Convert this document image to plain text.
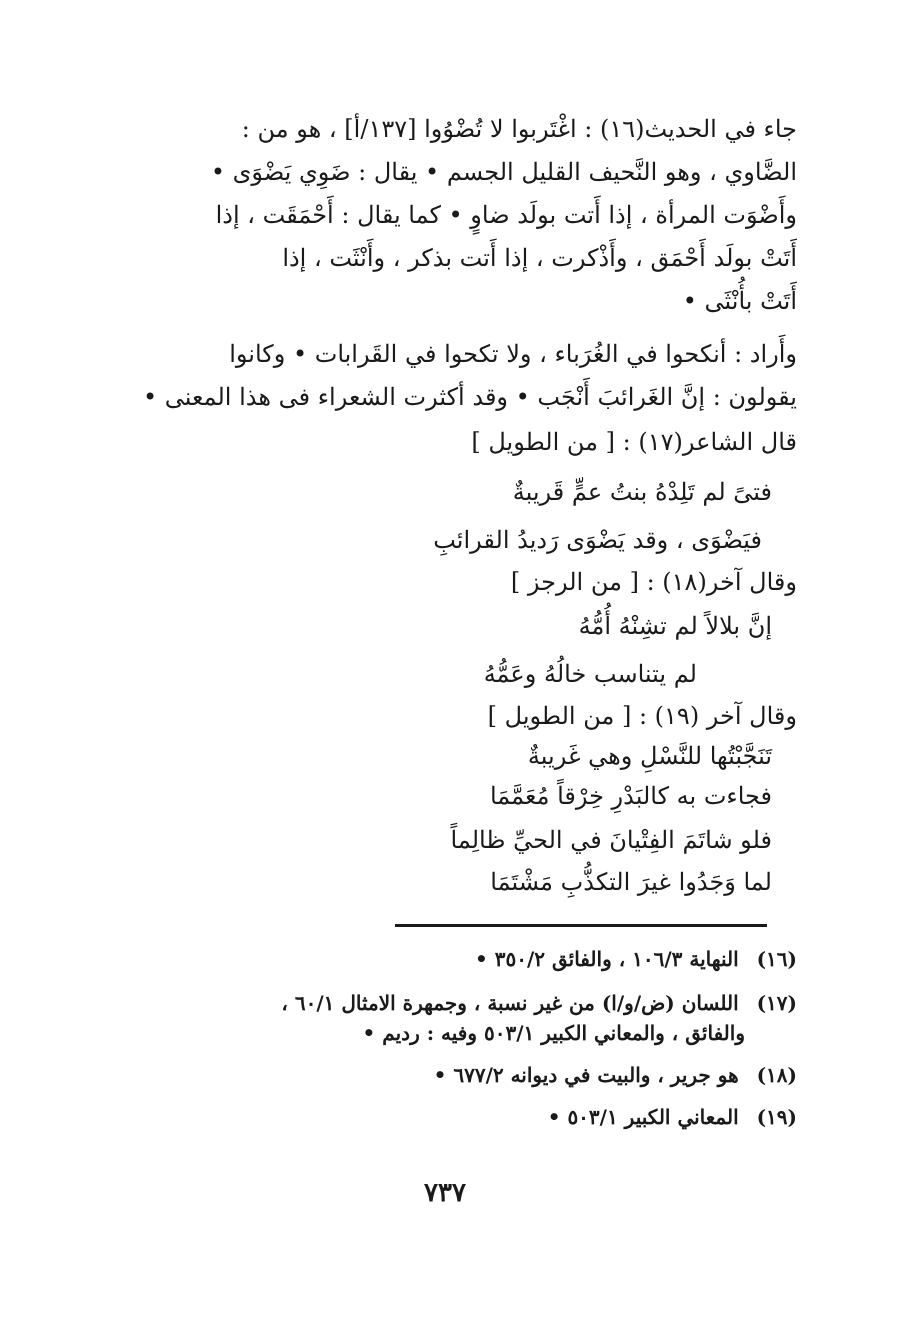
جاء في الحديث(١٦) : اغْتَربوا لا تُضْوُوا [١٣٧/أ] ، هو من :
الضَّاوي ، وهو النَّحيف القليل الجسم • يقال : ضَوِي يَضْوَى •
وأَضْوَت المرأة ، إذا أَتت بولَد ضاوٍ • كما يقال : أَحْمَقَت ، إذا
أَتَتْ بولَد أَحْمَق ، وأَذْكرت ، إذا أَتت بذكر ، وأَنْثَت ، إذا
أَتَتْ بأُنْثَى •
وأَراد : أنكحوا في الغُرَباء ، ولا تكحوا في القَرابات • وكانوا
يقولون : إنَّ الغَرائبَ أَنْجَب • وقد أكثرت الشعراء فى هذا المعنى •
قال الشاعر(١٧) : [ من الطويل ]
فتىً لم تَلِدْهُ بنتُ عمٍّ قَريبةٌ
فيَضْوَى ، وقد يَضْوَى رَديدُ القرائبِ
وقال آخر(١٨) : [ من الرجز ]
إنَّ بلالاً لم تشِنْهُ أُمُّهُ
لم يتناسب خالُهُ وعَمُّهُ
وقال آخر (١٩) : [ من الطويل ]
تَنَجَّبْتُها للنَّسْلِ وهي غَريبةٌ
فجاءت به كالبَدْرِ خِرْقاً مُعَمَّمَا
فلو شاتَمَ الفِتْيانَ في الحيِّ ظالِماً
لما وَجَدُوا غيرَ التكذُّبِ مَشْتَمَا
(١٦) النهاية ١٠٦/٣ ، والفائق ٣٥٠/٢ •
(١٧) اللسان (ض/و/ا) من غير نسبة ، وجمهرة الامثال ٦٠/١ ،
والفائق ، والمعاني الكبير ٥٠٣/١ وفيه : رديم •
(١٨) هو جرير ، والبيت في ديوانه ٦٧٧/٢ •
(١٩) المعاني الكبير ٥٠٣/١ •
٧٣٧
